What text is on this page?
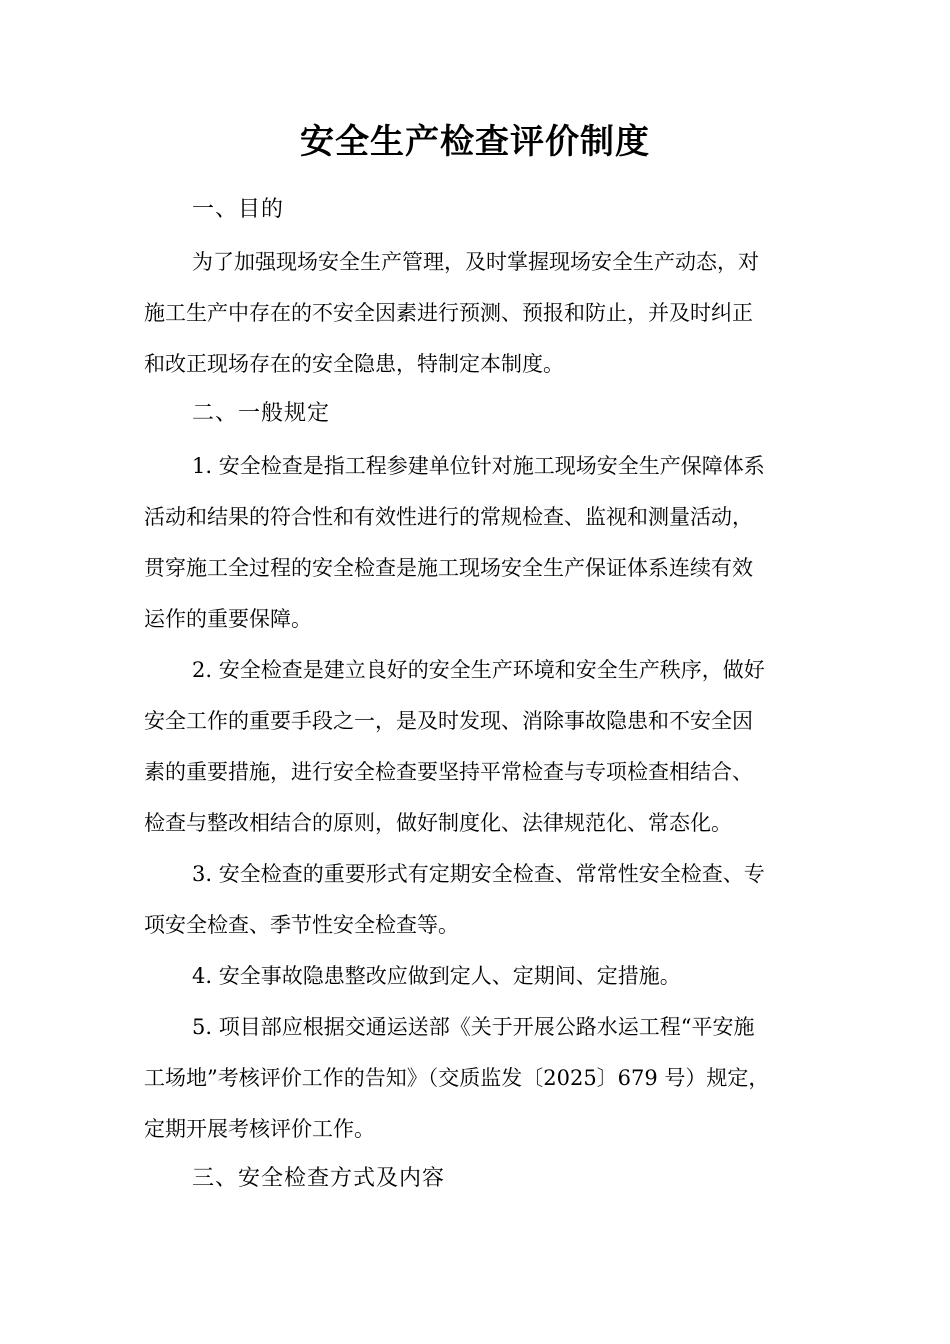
安全生产检查评价制度
一、目的
为了加强现场安全生产管理，及时掌握现场安全生产动态，对
施工生产中存在的不安全因素进行预测、预报和防止，并及时纠正
和改正现场存在的安全隐患，特制定本制度。
二、一般规定
1. 安全检查是指工程参建单位针对施工现场安全生产保障体系
活动和结果的符合性和有效性进行的常规检查、监视和测量活动，
贯穿施工全过程的安全检查是施工现场安全生产保证体系连续有效
运作的重要保障。
2. 安全检查是建立良好的安全生产环境和安全生产秩序，做好
安全工作的重要手段之一，是及时发现、消除事故隐患和不安全因
素的重要措施，进行安全检查要坚持平常检查与专项检查相结合、
检查与整改相结合的原则，做好制度化、法律规范化、常态化。
3. 安全检查的重要形式有定期安全检查、常常性安全检查、专
项安全检查、季节性安全检查等。
4. 安全事故隐患整改应做到定人、定期间、定措施。
5. 项目部应根据交通运送部《关于开展公路水运工程“平安施
工场地”考核评价工作的告知》（交质监发〔2025〕679 号）规定，
定期开展考核评价工作。
三、安全检查方式及内容
